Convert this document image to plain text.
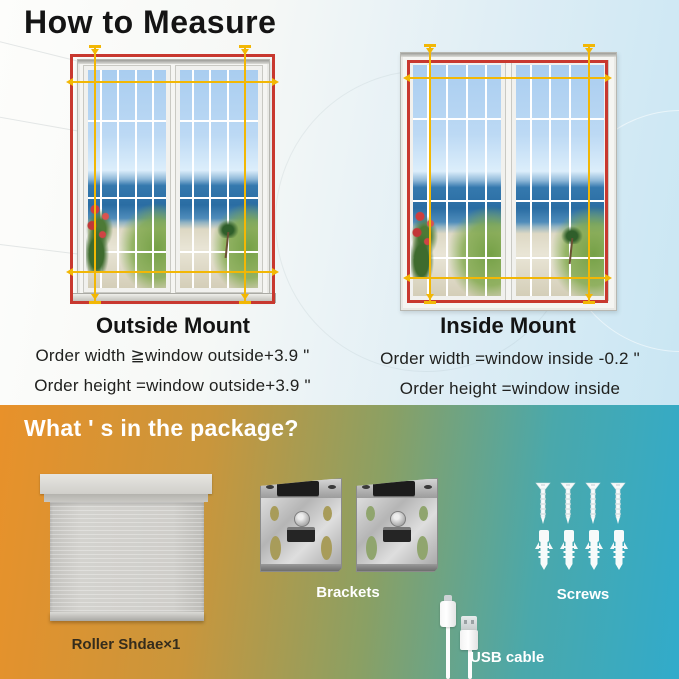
How to Measure
Outside Mount

Order width ≧window outside+3.9 "

Order height =window outside+3.9 "

Inside Mount

Order width =window inside -0.2 "

Order height =window inside

What ' s in the package?

Roller Shdae×1

Brackets	Screws

USB cable
